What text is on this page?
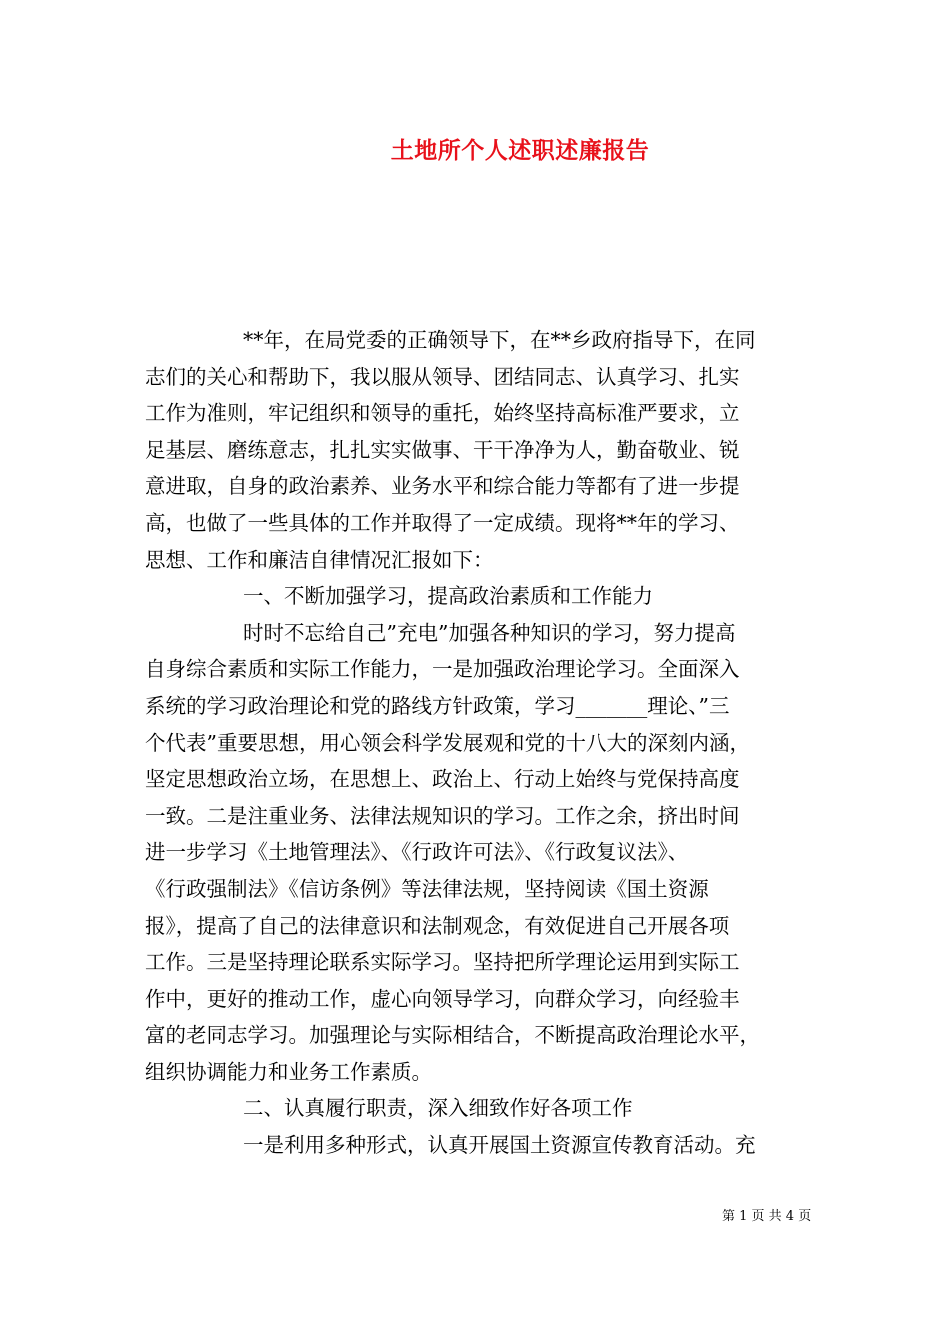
土地所个人述职述廉报告
**年，在局党委的正确领导下，在**乡政府指导下，在同
志们的关心和帮助下，我以服从领导、团结同志、认真学习、扎实
工作为准则，牢记组织和领导的重托，始终坚持高标准严要求，立
足基层、磨练意志，扎扎实实做事、干干净净为人，勤奋敬业、锐
意进取，自身的政治素养、业务水平和综合能力等都有了进一步提
高，也做了一些具体的工作并取得了一定成绩。现将**年的学习、
思想、工作和廉洁自律情况汇报如下：
一、不断加强学习，提高政治素质和工作能力
时时不忘给自己”充电”加强各种知识的学习，努力提高
自身综合素质和实际工作能力，一是加强政治理论学习。全面深入
系统的学习政治理论和党的路线方针政策，学习_______理论、”三
个代表”重要思想，用心领会科学发展观和党的十八大的深刻内涵，
坚定思想政治立场，在思想上、政治上、行动上始终与党保持高度
一致。二是注重业务、法律法规知识的学习。工作之余，挤出时间
进一步学习《土地管理法》、《行政许可法》、《行政复议法》、
《行政强制法》《信访条例》等法律法规，坚持阅读《国土资源
报》，提高了自己的法律意识和法制观念，有效促进自己开展各项
工作。三是坚持理论联系实际学习。坚持把所学理论运用到实际工
作中，更好的推动工作，虚心向领导学习，向群众学习，向经验丰
富的老同志学习。加强理论与实际相结合，不断提高政治理论水平，
组织协调能力和业务工作素质。
二、认真履行职责，深入细致作好各项工作
一是利用多种形式，认真开展国土资源宣传教育活动。充
第 1 页 共 4 页
